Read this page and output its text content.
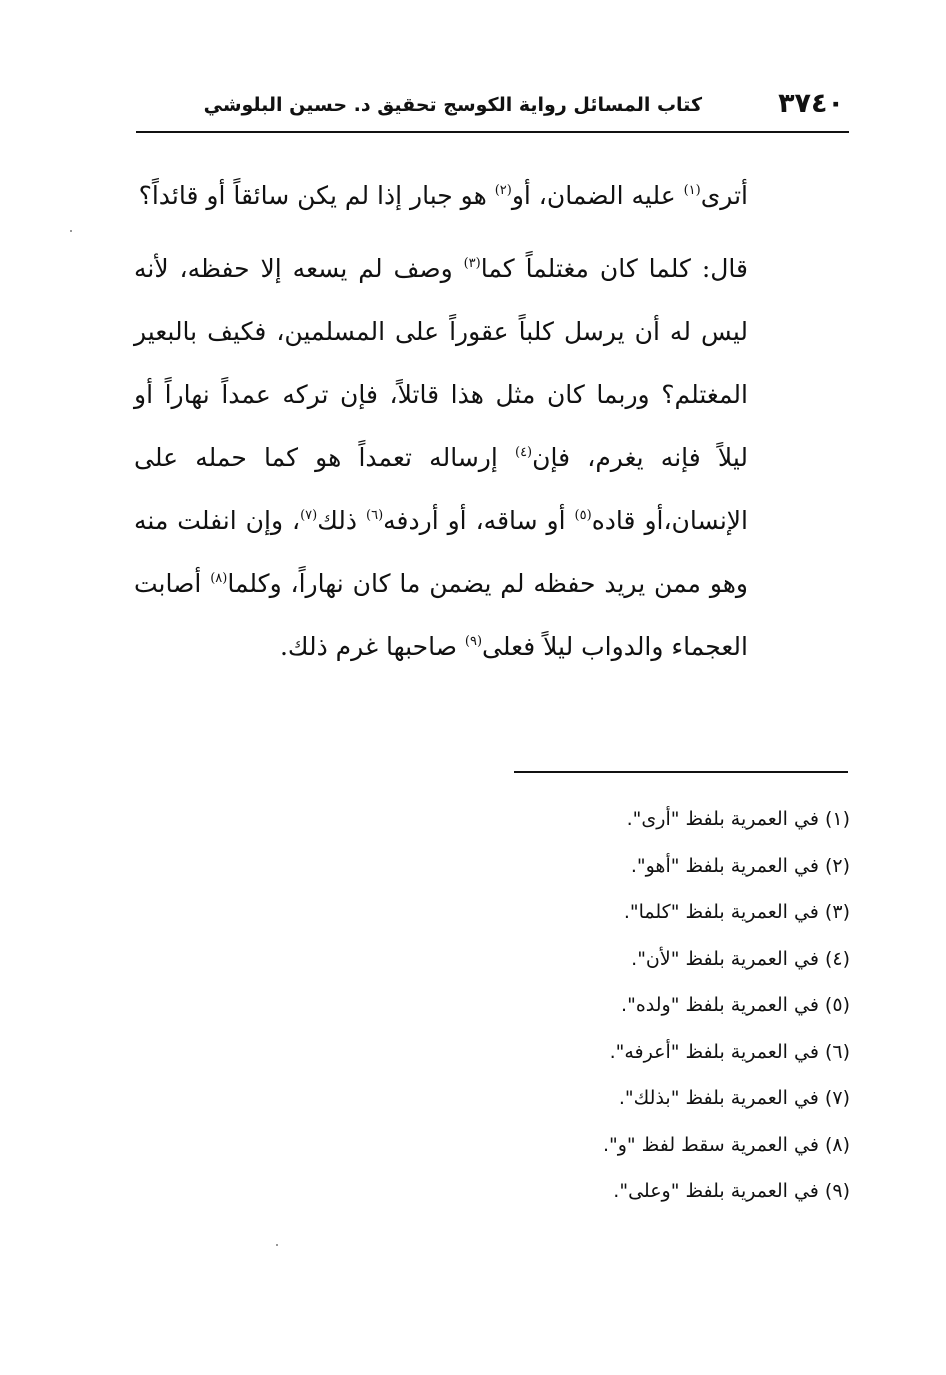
٣٧٤٠
كتاب المسائل رواية الكوسج تحقيق د. حسين البلوشي

أترى$^{(١)}$ عليه الضمان، أو$^{(٢)}$ هو جبار إذا لم يكن سائقاً أو قائداً؟

قال: كلما كان مغتلماً كما$^{(٣)}$ وصف لم يسعه إلا حفظه، لأنه ليس له أن يرسل كلباً عقوراً على المسلمين، فكيف بالبعير المغتلم؟ وربما كان مثل هذا قاتلاً، فإن تركه عمداً نهاراً أو ليلاً فإنه يغرم، فإن$^{(٤)}$ إرساله تعمداً هو كما حمله على الإنسان،أو قاده$^{(٥)}$ أو ساقه، أو أردفه$^{(٦)}$ ذلك$^{(٧)}$، وإن انفلت منه وهو ممن يريد حفظه لم يضمن ما كان نهاراً، وكلما$^{(٨)}$ أصابت العجماء والدواب ليلاً فعلى$^{(٩)}$ صاحبها غرم ذلك.

(١) في العمرية بلفظ "أرى".
(٢) في العمرية بلفظ "أهو".
(٣) في العمرية بلفظ "كلما".
(٤) في العمرية بلفظ "لأن".
(٥) في العمرية بلفظ "ولده".
(٦) في العمرية بلفظ "أعرفه".
(٧) في العمرية بلفظ "بذلك".
(٨) في العمرية سقط لفظ "و".
(٩) في العمرية بلفظ "وعلى".
